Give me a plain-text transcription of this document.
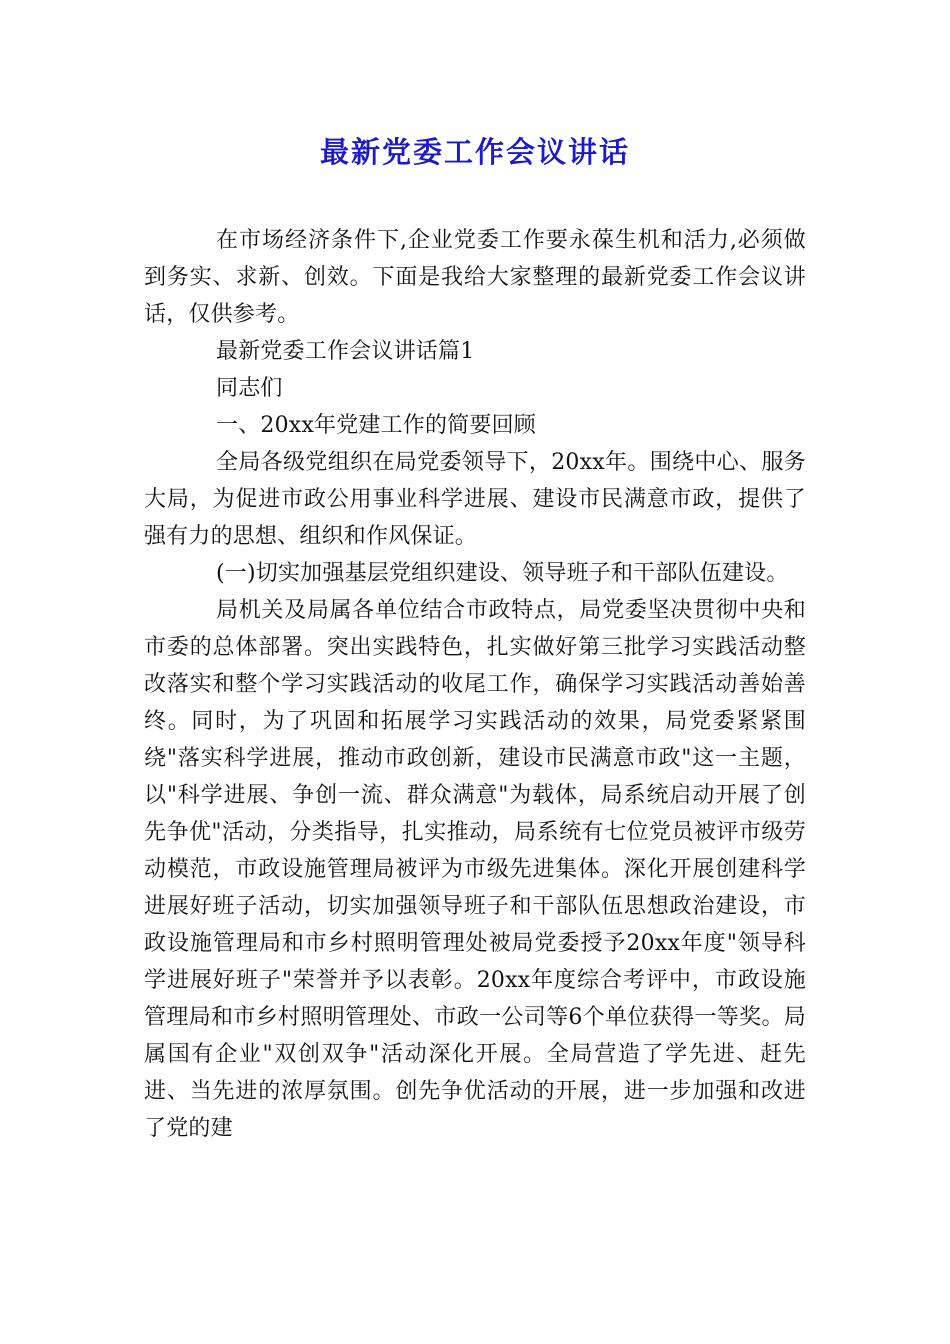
最新党委工作会议讲话

在市场经济条件下,企业党委工作要永葆生机和活力,必须做到务实、求新、创效。下面是我给大家整理的最新党委工作会议讲话，仅供参考。

最新党委工作会议讲话篇1

同志们

一、20xx年党建工作的简要回顾

全局各级党组织在局党委领导下，20xx年。围绕中心、服务大局，为促进市政公用事业科学进展、建设市民满意市政，提供了强有力的思想、组织和作风保证。

(一)切实加强基层党组织建设、领导班子和干部队伍建设。

局机关及局属各单位结合市政特点，局党委坚决贯彻中央和市委的总体部署。突出实践特色，扎实做好第三批学习实践活动整改落实和整个学习实践活动的收尾工作，确保学习实践活动善始善终。同时，为了巩固和拓展学习实践活动的效果，局党委紧紧围绕"落实科学进展，推动市政创新，建设市民满意市政"这一主题，以"科学进展、争创一流、群众满意"为载体，局系统启动开展了创先争优"活动，分类指导，扎实推动，局系统有七位党员被评市级劳动模范，市政设施管理局被评为市级先进集体。深化开展创建科学进展好班子活动，切实加强领导班子和干部队伍思想政治建设，市政设施管理局和市乡村照明管理处被局党委授予20xx年度"领导科学进展好班子"荣誉并予以表彰。20xx年度综合考评中，市政设施管理局和市乡村照明管理处、市政一公司等6个单位获得一等奖。局属国有企业"双创双争"活动深化开展。全局营造了学先进、赶先进、当先进的浓厚氛围。创先争优活动的开展，进一步加强和改进了党的建
